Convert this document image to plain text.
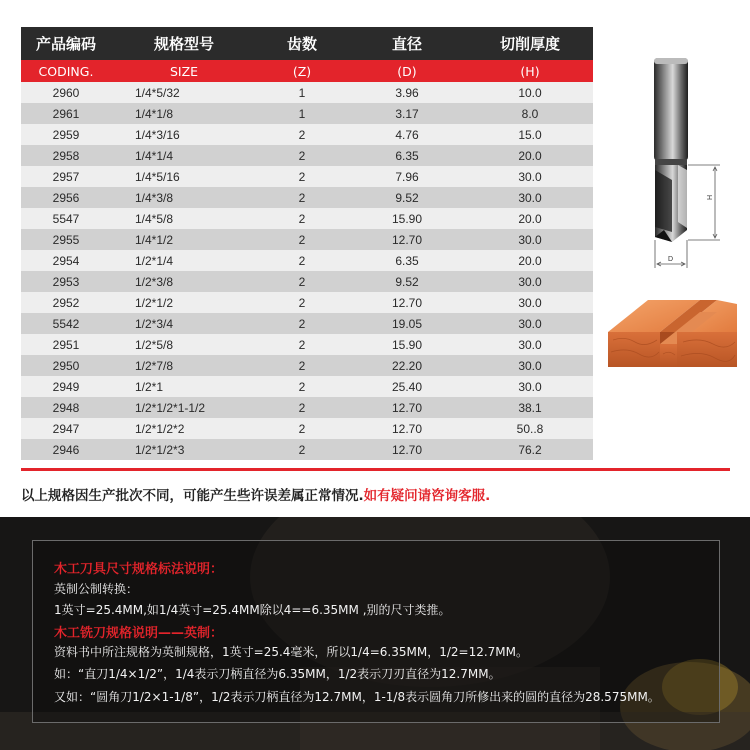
产品编码	规格型号	齿数	直径	切削厚度
CODING.	SIZE	(Z)	(D)	(H)
2960	1/4*5/32	1	3.96	10.0
2961	1/4*1/8	1	3.17	8.0
2959	1/4*3/16	2	4.76	15.0
2958	1/4*1/4	2	6.35	20.0
2957	1/4*5/16	2	7.96	30.0
2956	1/4*3/8	2	9.52	30.0
5547	1/4*5/8	2	15.90	20.0
2955	1/4*1/2	2	12.70	30.0
2954	1/2*1/4	2	6.35	20.0
2953	1/2*3/8	2	9.52	30.0
2952	1/2*1/2	2	12.70	30.0
5542	1/2*3/4	2	19.05	30.0
2951	1/2*5/8	2	15.90	30.0
2950	1/2*7/8	2	22.20	30.0
2949	1/2*1	2	25.40	30.0
2948	1/2*1/2*1-1/2	2	12.70	38.1
2947	1/2*1/2*2	2	12.70	50..8
2946	1/2*1/2*3	2	12.70	76.2
以上规格因生产批次不同，可能产生些许误差属正常情况.如有疑问请咨询客服.
H
D
木工刀具尺寸规格标法说明：
英制公制转换：
1英寸=25.4MM,如1/4英寸=25.4MM除以4==6.35MM ,别的尺寸类推。
木工铣刀规格说明——英制：
资料书中所注规格为英制规格，1英寸=25.4毫米，所以1/4=6.35MM，1/2=12.7MM。
如：“直刀1/4×1/2”，1/4表示刀柄直径为6.35MM，1/2表示刀刃直径为12.7MM。
又如：“圆角刀1/2×1-1/8”，1/2表示刀柄直径为12.7MM，1-1/8表示圆角刀所修出来的圆的直径为28.575MM。
